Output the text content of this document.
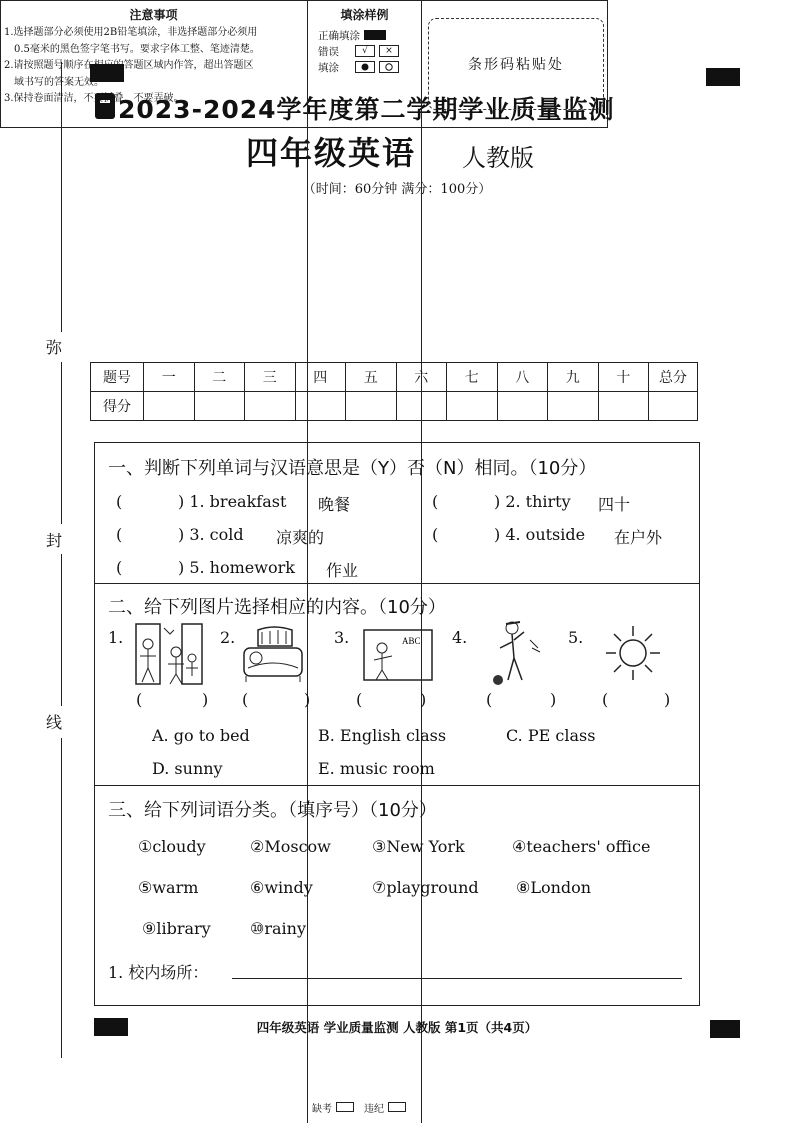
弥
封
线
2023-2024学年度第二学期学业质量监测
四年级英语 人教版
（时间：60分钟 满分：100分）
注意事项
1.选择题部分必须使用2B铅笔填涂，非选择题部分必须用
0.5毫米的黑色签字笔书写。要求字体工整、笔迹清楚。
2.请按照题号顺序在相应的答题区域内作答，超出答题区
域书写的答案无效。
3.保持卷面清洁，不要折叠，不要弄破。
填涂样例
正确填涂
错误	√	×
填涂
缺考	违纪
条形码粘贴处
题号	一	二	三	四	五	六	七	八	九	十	总分
得分											
一、判断下列单词与汉语意思是（Y）否（N）相同。（10分）
(	) 1. breakfast 晚餐	(	) 2. thirty 四十
(	) 3. cold 凉爽的	(	) 4. outside 在户外
(	) 5. homework 作业
二、给下列图片选择相应的内容。（10分）
1.	2.	3.	4.	5.
ABC
(	) (	)	(	)	(	)	(	)
A. go to bed	B. English class	C. PE class
D. sunny	E. music room
三、给下列词语分类。（填序号）（10分）
①cloudy	②Moscow	③New York	④teachers' office
⑤warm	⑥windy	⑦playground ⑧London
⑨library ⑩rainy
1. 校内场所：
四年级英语 学业质量监测 人教版 第1页（共4页）
